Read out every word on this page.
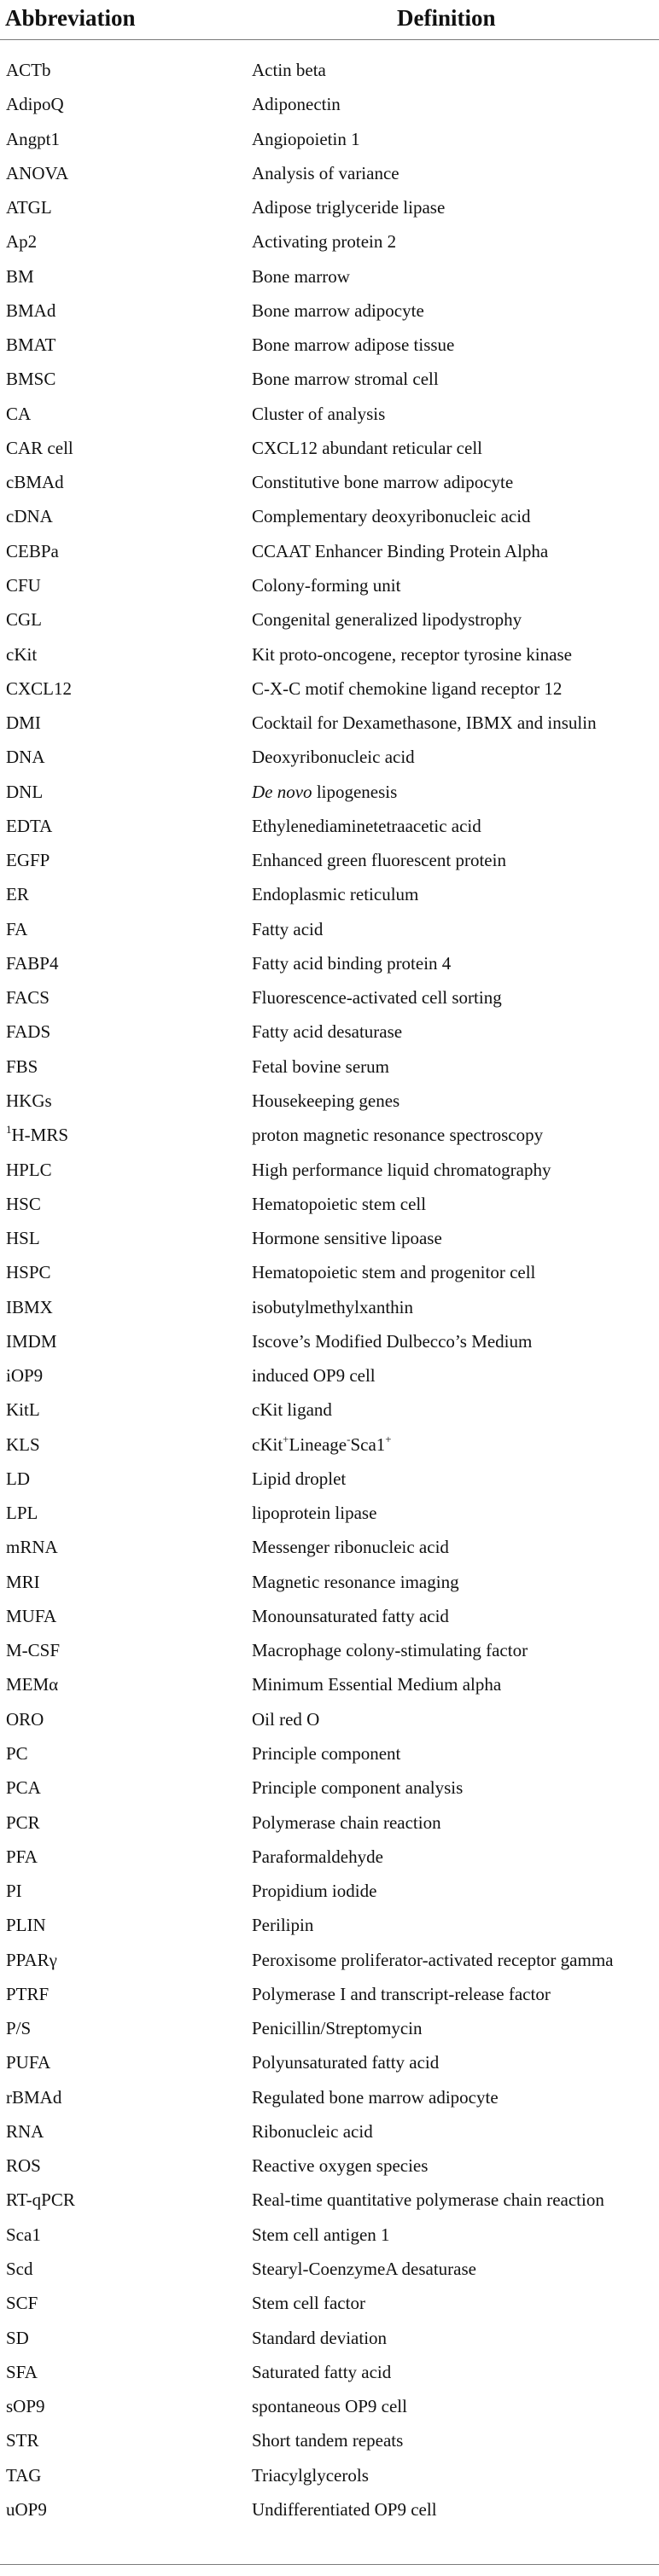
Abbreviation	Definition
ACTb	Actin beta
AdipoQ	Adiponectin
Angpt1	Angiopoietin 1
ANOVA	Analysis of variance
ATGL	Adipose triglyceride lipase
Ap2	Activating protein 2
BM	Bone marrow
BMAd	Bone marrow adipocyte
BMAT	Bone marrow adipose tissue
BMSC	Bone marrow stromal cell
CA	Cluster of analysis
CAR cell	CXCL12 abundant reticular cell
cBMAd	Constitutive bone marrow adipocyte
cDNA	Complementary deoxyribonucleic acid
CEBPa	CCAAT Enhancer Binding Protein Alpha
CFU	Colony-forming unit
CGL	Congenital generalized lipodystrophy
cKit	Kit proto-oncogene, receptor tyrosine kinase
CXCL12	C-X-C motif chemokine ligand receptor 12
DMI	Cocktail for Dexamethasone, IBMX and insulin
DNA	Deoxyribonucleic acid
DNL	De novo lipogenesis
EDTA	Ethylenediaminetetraacetic acid
EGFP	Enhanced green fluorescent protein
ER	Endoplasmic reticulum
FA	Fatty acid
FABP4	Fatty acid binding protein 4
FACS	Fluorescence-activated cell sorting
FADS	Fatty acid desaturase
FBS	Fetal bovine serum
HKGs	Housekeeping genes
$^1$H-MRS	proton magnetic resonance spectroscopy
HPLC	High performance liquid chromatography
HSC	Hematopoietic stem cell
HSL	Hormone sensitive lipoase
HSPC	Hematopoietic stem and progenitor cell
IBMX	isobutylmethylxanthin
IMDM	Iscove’s Modified Dulbecco’s Medium
iOP9	induced OP9 cell
KitL	cKit ligand
KLS	cKit+Lineage-Sca1+
LD	Lipid droplet
LPL	lipoprotein lipase
mRNA	Messenger ribonucleic acid
MRI	Magnetic resonance imaging
MUFA	Monounsaturated fatty acid
M-CSF	Macrophage colony-stimulating factor
MEMα	Minimum Essential Medium alpha
ORO	Oil red O
PC	Principle component
PCA	Principle component analysis
PCR	Polymerase chain reaction
PFA	Paraformaldehyde
PI	Propidium iodide
PLIN	Perilipin
PPARγ	Peroxisome proliferator-activated receptor gamma
PTRF	Polymerase I and transcript-release factor
P/S	Penicillin/Streptomycin
PUFA	Polyunsaturated fatty acid
rBMAd	Regulated bone marrow adipocyte
RNA	Ribonucleic acid
ROS	Reactive oxygen species
RT-qPCR	Real-time quantitative polymerase chain reaction
Sca1	Stem cell antigen 1
Scd	Stearyl-CoenzymeA desaturase
SCF	Stem cell factor
SD	Standard deviation
SFA	Saturated fatty acid
sOP9	spontaneous OP9 cell
STR	Short tandem repeats
TAG	Triacylglycerols
uOP9	Undifferentiated OP9 cell
